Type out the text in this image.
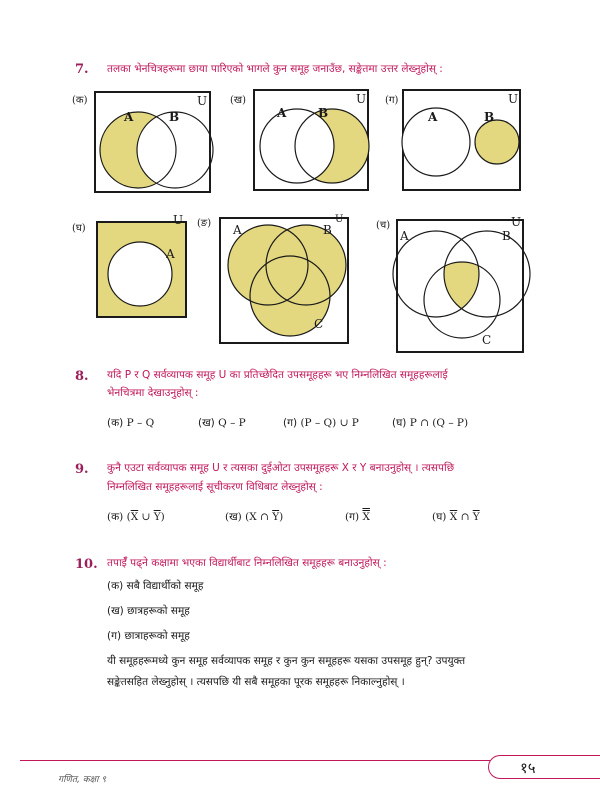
7. तलका भेनचित्रहरूमा छाया पारिएको भागले कुन समूह जनाउँछ, सङ्केतमा उत्तर लेख्नुहोस् :
(क)	U
A	B
(ख)	U
A	B
(ग)	U
A	B
(घ)
U
A
(ङ)	U
A	B
C
(च)	U
A	B
C
8. यदि P र Q सर्वव्यापक समूह U का प्रतिच्छेदित उपसमूहहरू भए निम्नलिखित समूहहरूलाई
भेनचित्रमा देखाउनुहोस् :
(क) P – Q	(ख) Q – P	(ग) (P – Q) ∪ P	(घ) P ∩ (Q – P)
9. कुनै एउटा सर्वव्यापक समूह U र त्यसका दुईओटा उपसमूहहरू X र Y बनाउनुहोस् । त्यसपछि
निम्नलिखित समूहहरूलाई सूचीकरण विधिबाट लेख्नुहोस् :
(क) ($\overline{X}$ ∪ $\overline{Y}$)	(ख) (X ∩ $\overline{Y}$)	(ग) X	(घ) $\overline{X}$ ∩ $\overline{Y}$
10. तपाईँ पढ्ने कक्षामा भएका विद्यार्थीबाट निम्नलिखित समूहहरू बनाउनुहोस् :
(क) सबै विद्यार्थीको समूह
(ख) छात्रहरूको समूह
(ग) छात्राहरूको समूह
यी समूहहरूमध्ये कुन समूह सर्वव्यापक समूह र कुन कुन समूहहरू यसका उपसमूह हुन्? उपयुक्त
सङ्केतसहित लेख्नुहोस् । त्यसपछि यी सबै समूहका पूरक समूहहरू निकाल्नुहोस् ।
गणित, कक्षा ९
१५
